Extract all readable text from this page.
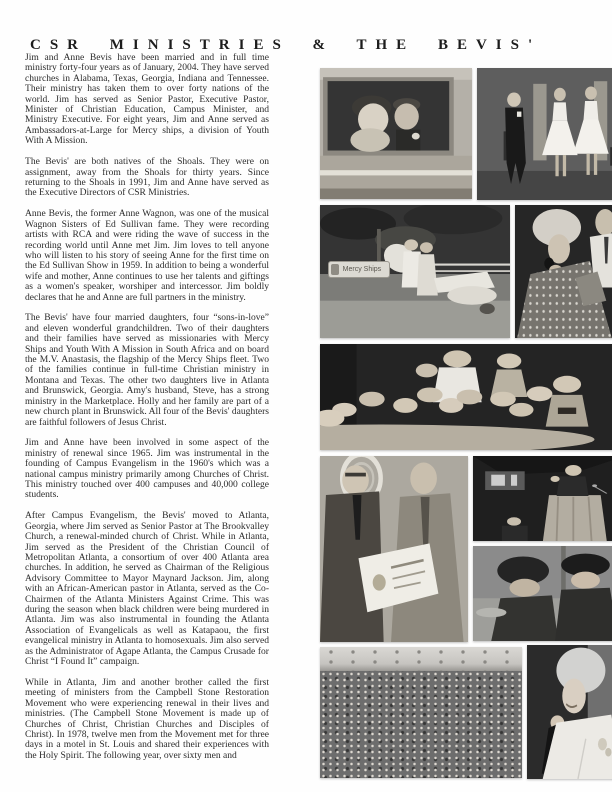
CSR MINISTRIES & THE BEVIS'

Jim and Anne Bevis have been married and in full time ministry forty-four years as of January, 2004. They have served churches in Alabama, Texas, Georgia, Indiana and Tennessee. Their ministry has taken them to over forty nations of the world. Jim has served as Senior Pastor, Executive Pastor, Minister of Christian Education, Campus Minister, and Ministry Executive. For eight years, Jim and Anne served as Ambassadors-at-Large for Mercy ships, a division of Youth With A Mission.

The Bevis' are both natives of the Shoals. They were on assignment, away from the Shoals for thirty years. Since returning to the Shoals in 1991, Jim and Anne have served as the Executive Directors of CSR Ministries.

Anne Bevis, the former Anne Wagnon, was one of the musical Wagnon Sisters of Ed Sullivan fame. They were recording artists with RCA and were riding the wave of success in the recording world until Anne met Jim. Jim loves to tell anyone who will listen to his story of seeing Anne for the first time on the Ed Sullivan Show in 1959. In addition to being a wonderful wife and mother, Anne continues to use her talents and giftings as a women's speaker, worshiper and intercessor. Jim boldly declares that he and Anne are full partners in the ministry.

The Bevis' have four married daughters, four “sons-in-love” and eleven wonderful grandchildren. Two of their daughters and their families have served as missionaries with Mercy Ships and Youth With A Mission in South Africa and on board the M.V. Anastasis, the flagship of the Mercy Ships fleet. Two of the families continue in full-time Christian ministry in Montana and Texas. The other two daughters live in Atlanta and Brunswick, Georgia. Amy's husband, Steve, has a strong ministry in the Marketplace. Holly and her family are part of a new church plant in Brunswick. All four of the Bevis' daughters are faithful followers of Jesus Christ.

Jim and Anne have been involved in some aspect of the ministry of renewal since 1965. Jim was instrumental in the founding of Campus Evangelism in the 1960's which was a national campus ministry primarily among Churches of Christ. This ministry touched over 400 campuses and 40,000 college students.

After Campus Evangelism, the Bevis' moved to Atlanta, Georgia, where Jim served as Senior Pastor at The Brookvalley Church, a renewal-minded church of Christ. While in Atlanta, Jim served as the President of the Christian Council of Metropolitan Atlanta, a consortium of over 400 Atlanta area churches. In addition, he served as Chairman of the Religious Advisory Committee to Mayor Maynard Jackson. Jim, along with an African-American pastor in Atlanta, served as the Co-Chairmen of the Atlanta Ministers Against Crime. This was during the season when black children were being murdered in Atlanta. Jim was also instrumental in founding the Atlanta Association of Evangelicals as well as Katapaou, the first evangelical ministry in Atlanta to homosexuals. Jim also served as the Administrator of Agape Atlanta, the Campus Crusade for Christ “I Found It” campaign.

While in Atlanta, Jim and another brother called the first meeting of ministers from the Campbell Stone Restoration Movement who were experiencing renewal in their lives and ministries. (The Campbell Stone Movement is made up of Churches of Christ, Christian Churches and Disciples of Christ). In 1978, twelve men from the Movement met for three days in a motel in St. Louis and shared their experiences with the Holy Spirit. The following year, over sixty men and

Mercy Ships
